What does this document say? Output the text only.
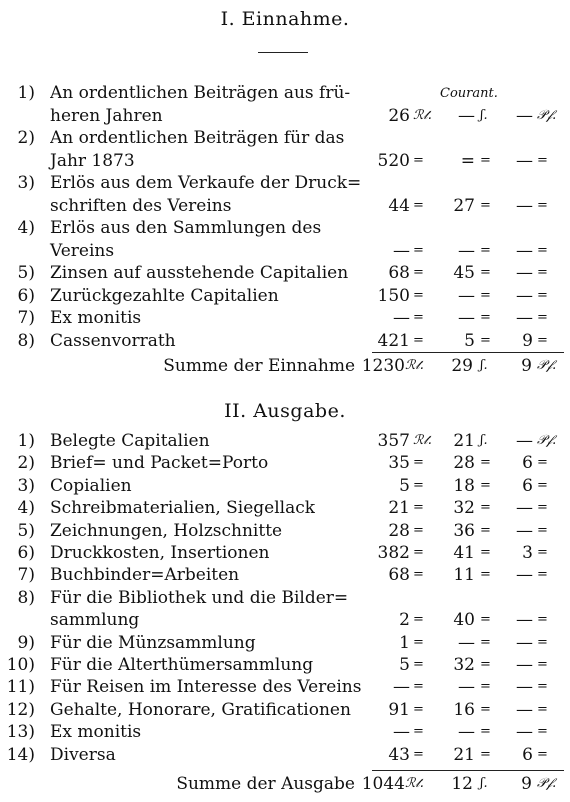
I. Einnahme.
Courant.
1) An ordentlichen Beiträgen aus frü-
heren Jahren	26 ℛ𝓉. — ʃ. — 𝒫𝒻.
2) An ordentlichen Beiträgen für das
Jahr 1873	520 = = = — =
3) Erlös aus dem Verkaufe der Druck=
schriften des Vereins	44 = 27 = — =
4) Erlös aus den Sammlungen des
Vereins	— = — = — =
5) Zinsen auf ausstehende Capitalien 68 = 45 = — =
6) Zurückgezahlte Capitalien	150 = — = — =
7) Ex monitis	— = — = — =
8) Cassenvorrath	421 = 5 = 9 =
Summe der Einnahme 1230 ℛ𝓉. 29 ʃ. 9 𝒫𝒻.
II. Ausgabe.
1) Belegte Capitalien	357 ℛ𝓉. 21 ʃ. — 𝒫𝒻.
2) Brief= und Packet=Porto	35 = 28 = 6 =
3) Copialien	5 = 18 = 6 =
4) Schreibmaterialien, Siegellack	21 = 32 = — =
5) Zeichnungen, Holzschnitte	28 = 36 = — =
6) Druckkosten, Insertionen	382 = 41 = 3 =
7) Buchbinder=Arbeiten	68 = 11 = — =
8) Für die Bibliothek und die Bilder=
sammlung	2 = 40 = — =
9) Für die Münzsammlung	1 = — = — =
10) Für die Alterthümersammlung	5 = 32 = — =
11) Für Reisen im Interesse des Vereins — = — = — =
12) Gehalte, Honorare, Gratificationen 91 = 16 = — =
13) Ex monitis	— = — = — =
14) Diversa	43 = 21 = 6 =
Summe der Ausgabe 1044 ℛ𝓉. 12 ʃ. 9 𝒫𝒻.
